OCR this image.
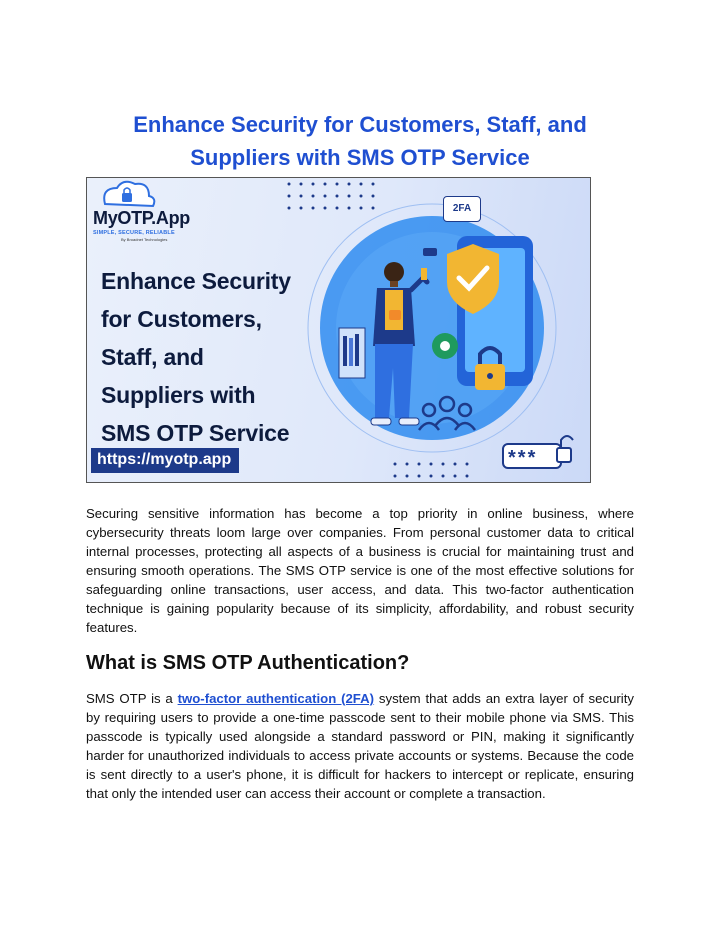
Enhance Security for Customers, Staff, and
Suppliers with SMS OTP Service
MyOTP.App
SIMPLE, SECURE, RELIABLE
By Broadnet Technologies
Enhance Security
for Customers,
Staff, and
Suppliers with
SMS OTP Service
https://myotp.app
2FA
***

Securing sensitive information has become a top priority in online business, where cybersecurity threats loom large over companies. From personal customer data to critical internal processes, protecting all aspects of a business is crucial for maintaining trust and ensuring smooth operations. The SMS OTP service is one of the most effective solutions for safeguarding online transactions, user access, and data. This two-factor authentication technique is gaining popularity because of its simplicity, affordability, and robust security features.

What is SMS OTP Authentication?

SMS OTP is a two-factor authentication (2FA) system that adds an extra layer of security by requiring users to provide a one-time passcode sent to their mobile phone via SMS. This passcode is typically used alongside a standard password or PIN, making it significantly harder for unauthorized individuals to access private accounts or systems. Because the code is sent directly to a user's phone, it is difficult for hackers to intercept or replicate, ensuring that only the intended user can access their account or complete a transaction.
